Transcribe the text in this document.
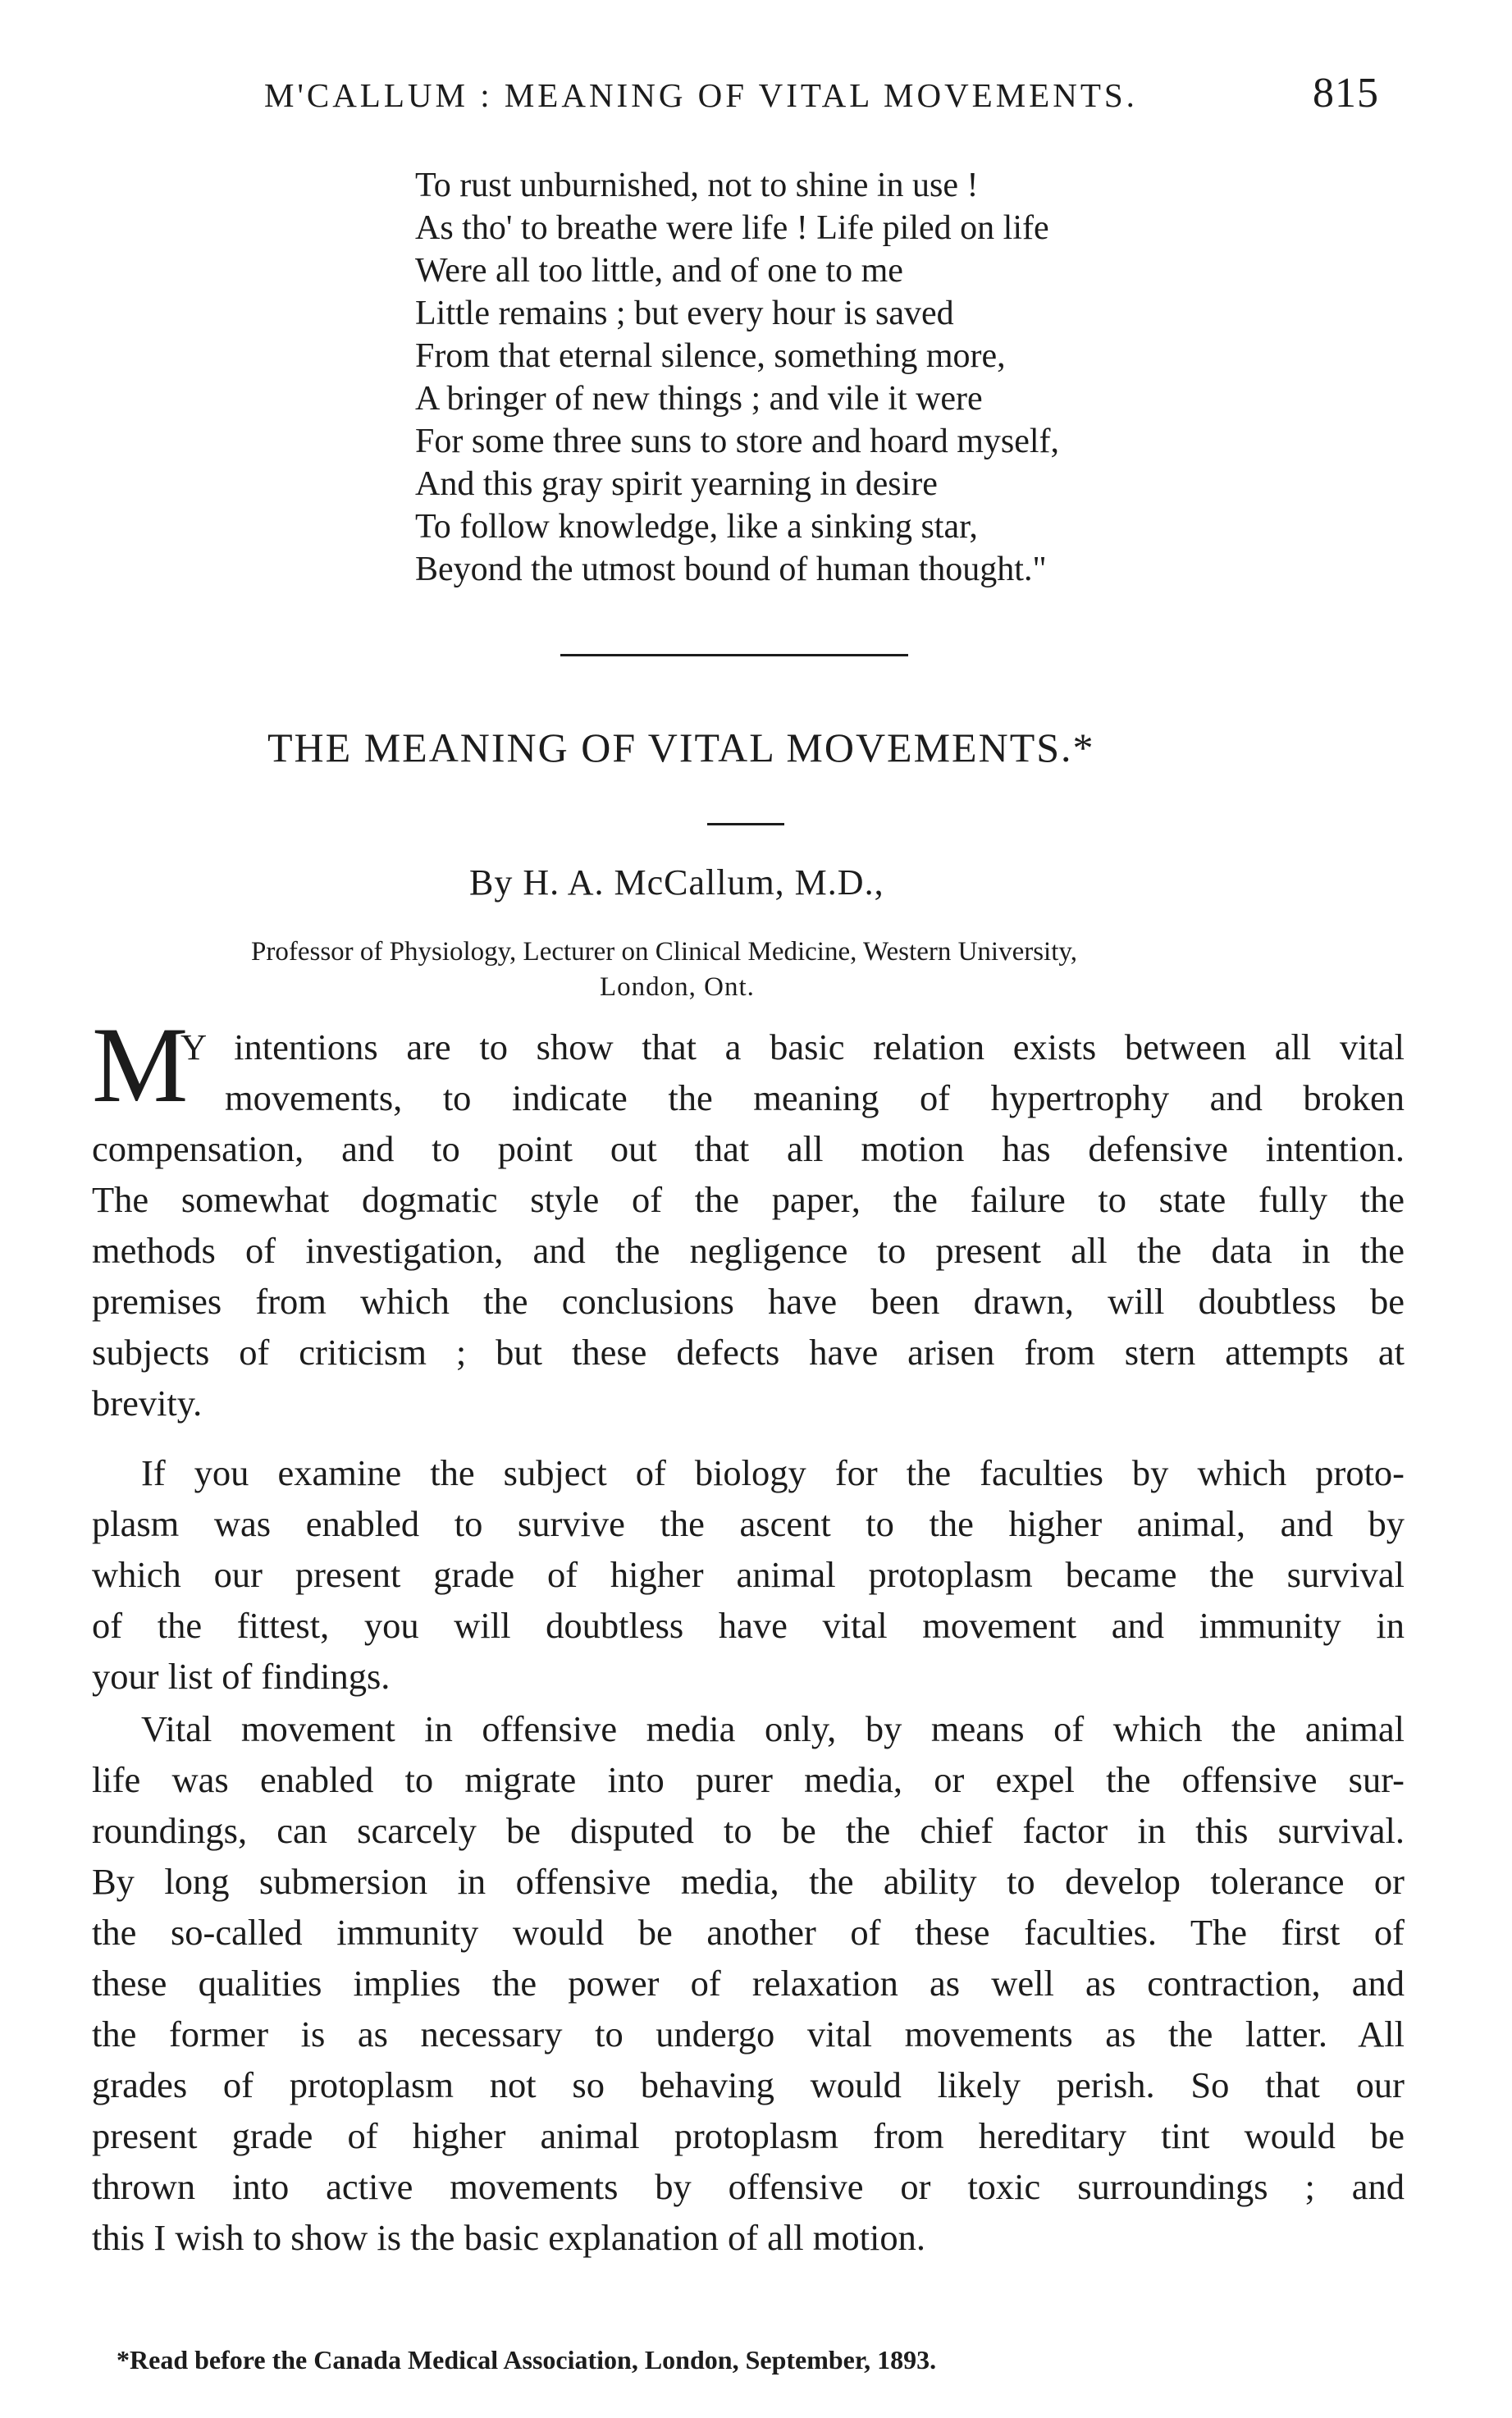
M'CALLUM : MEANING OF VITAL MOVEMENTS.	815
To rust unburnished, not to shine in use !
As tho' to breathe were life ! Life piled on life
Were all too little, and of one to me
Little remains ; but every hour is saved
From that eternal silence, something more,
A bringer of new things ; and vile it were
For some three suns to store and hoard myself,
And this gray spirit yearning in desire
To follow knowledge, like a sinking star,
Beyond the utmost bound of human thought."
THE MEANING OF VITAL MOVEMENTS.*
By H. A. McCallum, M.D.,
Professor of Physiology, Lecturer on Clinical Medicine, Western University,
London, Ont.
M
Y intentions are to show that a basic relation exists between all vital
movements, to indicate the meaning of hypertrophy and broken
compensation, and to point out that all motion has defensive intention.
The somewhat dogmatic style of the paper, the failure to state fully the
methods of investigation, and the negligence to present all the data in the
premises from which the conclusions have been drawn, will doubtless be
subjects of criticism ; but these defects have arisen from stern attempts at
brevity.
If you examine the subject of biology for the faculties by which proto-
plasm was enabled to survive the ascent to the higher animal, and by
which our present grade of higher animal protoplasm became the survival
of the fittest, you will doubtless have vital movement and immunity in
your list of findings.
Vital movement in offensive media only, by means of which the animal
life was enabled to migrate into purer media, or expel the offensive sur-
roundings, can scarcely be disputed to be the chief factor in this survival.
By long submersion in offensive media, the ability to develop tolerance or
the so-called immunity would be another of these faculties. The first of
these qualities implies the power of relaxation as well as contraction, and
the former is as necessary to undergo vital movements as the latter. All
grades of protoplasm not so behaving would likely perish. So that our
present grade of higher animal protoplasm from hereditary tint would be
thrown into active movements by offensive or toxic surroundings ; and
this I wish to show is the basic explanation of all motion.
*Read before the Canada Medical Association, London, September, 1893.
